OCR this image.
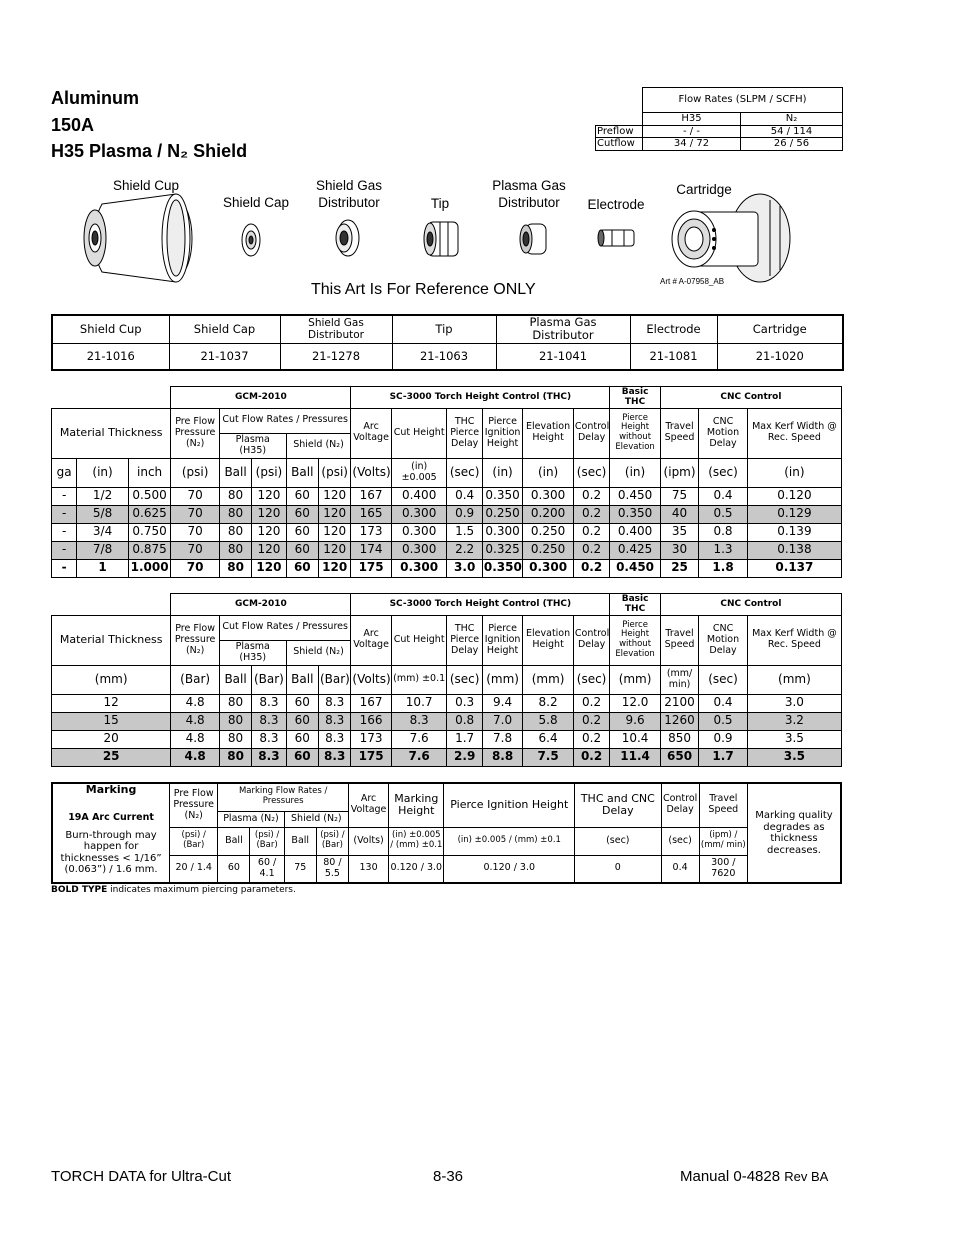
Aluminum
150A
H35 Plasma / N₂ Shield
	Flow Rates (SLPM / SCFH)	
	H35	N₂
Preflow	- / -	54 / 114
Cutflow	34 / 72	26 / 56
Shield Cup
Shield Cap
Shield Gas
Distributor	Tip
Plasma Gas
Distributor	Electrode
Cartridge
Art # A-07958_AB
This Art Is For Reference ONLY
Shield Cup	Shield Cap	Shield Gas Distributor	Tip	Plasma Gas Distributor	Electrode	Cartridge
21-1016	21-1037	21-1278	21-1063	21-1041	21-1081	21-1020
			GCM-2010					SC-3000 Torch Height Control (THC)						Basic THC	CNC Control		
Material Thickness			Pre Flow Pressure (N₂)	Cut Flow Rates / Pressures				Arc Voltage	Cut Height	THC Pierce Delay	Pierce Ignition Height	Elevation Height	Control Delay	Pierce Height without Elevation	Travel Speed	CNC Motion Delay	Max Kerf Width @ Rec. Speed
				Plasma (H35)		Shield (N₂)											
ga	(in)	inch	(psi)	Ball	(psi)	Ball	(psi)	(Volts)	(in) ±0.005	(sec)	(in)	(in)	(sec)	(in)	(ipm)	(sec)	(in)
-	1/2	0.500	70	80	120	60	120	167	0.400	0.4	0.350	0.300	0.2	0.450	75	0.4	0.120
-	5/8	0.625	70	80	120	60	120	165	0.300	0.9	0.250	0.200	0.2	0.350	40	0.5	0.129
-	3/4	0.750	70	80	120	60	120	173	0.300	1.5	0.300	0.250	0.2	0.400	35	0.8	0.139
-	7/8	0.875	70	80	120	60	120	174	0.300	2.2	0.325	0.250	0.2	0.425	30	1.3	0.138
-	1	1.000	70	80	120	60	120	175	0.300	3.0	0.350	0.300	0.2	0.450	25	1.8	0.137
	GCM-2010					SC-3000 Torch Height Control (THC)						Basic THC	CNC Control		
Material Thickness	Pre Flow Pressure (N₂)	Cut Flow Rates / Pressures				Arc Voltage	Cut Height	THC Pierce Delay	Pierce Ignition Height	Elevation Height	Control Delay	Pierce Height without Elevation	Travel Speed	CNC Motion Delay	Max Kerf Width @ Rec. Speed
		Plasma (H35)		Shield (N₂)											
(mm)	(Bar)	Ball	(Bar)	Ball	(Bar)	(Volts)	(mm) ±0.1	(sec)	(mm)	(mm)	(sec)	(mm)	(mm/ min)	(sec)	(mm)
12	4.8	80	8.3	60	8.3	167	10.7	0.3	9.4	8.2	0.2	12.0	2100	0.4	3.0
15	4.8	80	8.3	60	8.3	166	8.3	0.8	7.0	5.8	0.2	9.6	1260	0.5	3.2
20	4.8	80	8.3	60	8.3	173	7.6	1.7	7.8	6.4	0.2	10.4	850	0.9	3.5
25	4.8	80	8.3	60	8.3	175	7.6	2.9	8.8	7.5	0.2	11.4	650	1.7	3.5
Marking	Pre Flow Pressure (N₂)	Marking Flow Rates / Pressures				Arc Voltage	Marking Height	Pierce Ignition Height	THC and CNC Delay	Control Delay	Travel Speed	Marking quality degrades as thickness decreases.
		Plasma (N₂)		Shield (N₂)								

19A Arc Current
Burn-through may happen for thicknesses < 1/16” (0.063”) / 1.6 mm.	(psi) / (Bar)	Ball	(psi) / (Bar)	Ball	(psi) / (Bar)	(Volts)	(in) ±0.005 / (mm) ±0.1	(in) ±0.005 / (mm) ±0.1	(sec)	(sec)	(ipm) / (mm/ min)	
	20 / 1.4	60	60 / 4.1	75	80 / 5.5	130	0.120 / 3.0	0.120 / 3.0	0	0.4	300 / 7620	
BOLD TYPE indicates maximum piercing parameters.
TORCH DATA for Ultra-Cut	8-36	Manual 0-4828 Rev BA
